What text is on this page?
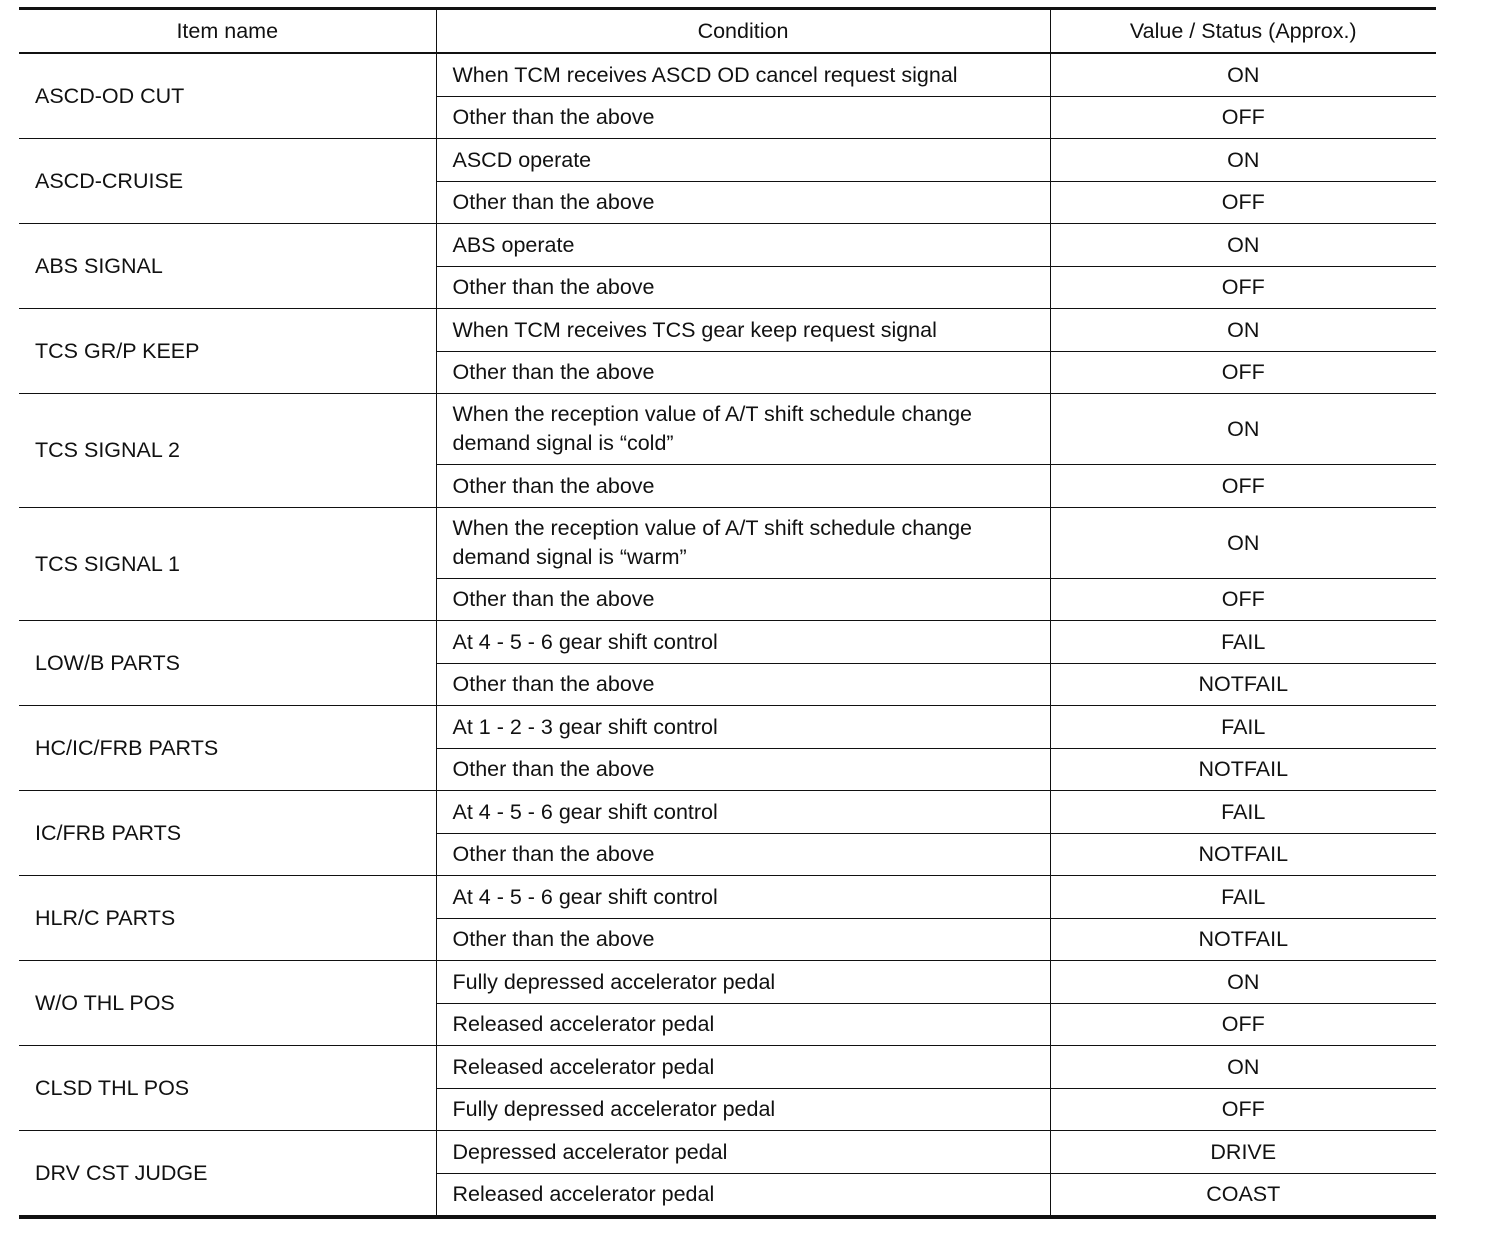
Item name	Condition	Value / Status (Approx.)
ASCD-OD CUT	When TCM receives ASCD OD cancel request signal	ON
	Other than the above	OFF
ASCD-CRUISE	ASCD operate	ON
	Other than the above	OFF
ABS SIGNAL	ABS operate	ON
	Other than the above	OFF
TCS GR/P KEEP	When TCM receives TCS gear keep request signal	ON
	Other than the above	OFF
TCS SIGNAL 2	When the reception value of A/T shift schedule change demand signal is “cold”	ON
	Other than the above	OFF
TCS SIGNAL 1	When the reception value of A/T shift schedule change demand signal is “warm”	ON
	Other than the above	OFF
LOW/B PARTS	At 4 - 5 - 6 gear shift control	FAIL
	Other than the above	NOTFAIL
HC/IC/FRB PARTS	At 1 - 2 - 3 gear shift control	FAIL
	Other than the above	NOTFAIL
IC/FRB PARTS	At 4 - 5 - 6 gear shift control	FAIL
	Other than the above	NOTFAIL
HLR/C PARTS	At 4 - 5 - 6 gear shift control	FAIL
	Other than the above	NOTFAIL
W/O THL POS	Fully depressed accelerator pedal	ON
	Released accelerator pedal	OFF
CLSD THL POS	Released accelerator pedal	ON
	Fully depressed accelerator pedal	OFF
DRV CST JUDGE	Depressed accelerator pedal	DRIVE
	Released accelerator pedal	COAST
